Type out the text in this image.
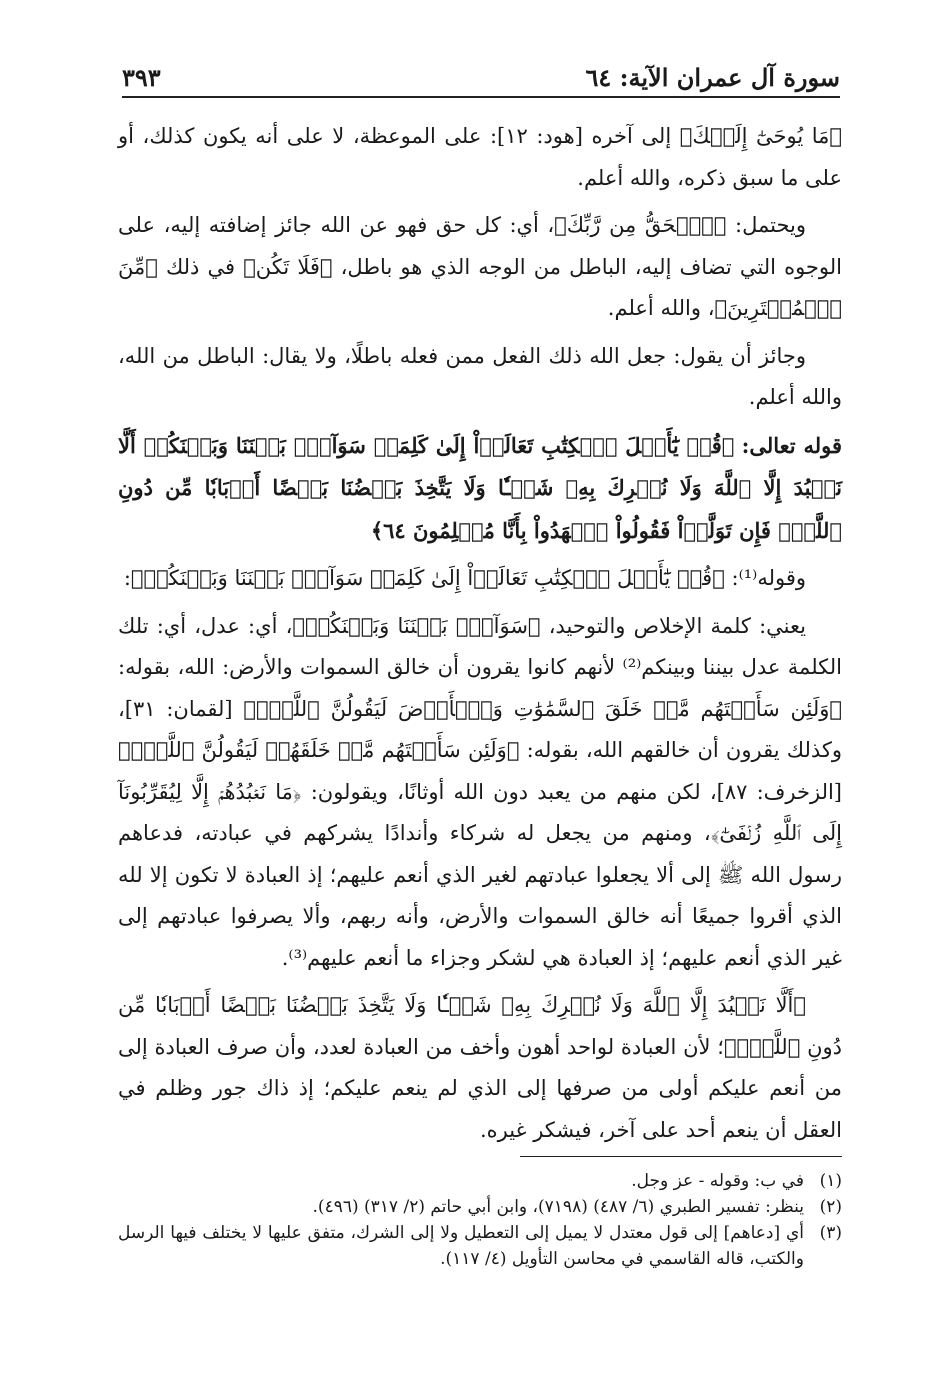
سورة آل عمران الآية: ٦٤
٣٩٣

﴿مَا يُوحَىٰٓ إِلَيۡكَ﴾ إلى آخره [هود: ١٢]: على الموعظة، لا على أنه يكون كذلك، أو على ما سبق ذكره، والله أعلم.

ويحتمل: ﴿ٱلۡحَقُّ مِن رَّبِّكَ﴾، أي: كل حق فهو عن الله جائز إضافته إليه، على الوجوه التي تضاف إليه، الباطل من الوجه الذي هو باطل، ﴿فَلَا تَكُن﴾ في ذلك ﴿مِّنَ ٱلۡمُمۡتَرِينَ﴾، والله أعلم.

وجائز أن يقول: جعل الله ذلك الفعل ممن فعله باطلًا، ولا يقال: الباطل من الله، والله أعلم.

قوله تعالى: ﴿قُلۡ يَٰٓأَهۡلَ ٱلۡكِتَٰبِ تَعَالَوۡاْ إِلَىٰ كَلِمَةٖ سَوَآءِۭ بَيۡنَنَا وَبَيۡنَكُمۡ أَلَّا نَعۡبُدَ إِلَّا ٱللَّهَ وَلَا نُشۡرِكَ بِهِۦ شَيۡـٔٗا وَلَا يَتَّخِذَ بَعۡضُنَا بَعۡضًا أَرۡبَابٗا مِّن دُونِ ٱللَّهِۚ فَإِن تَوَلَّوۡاْ فَقُولُواْ ٱشۡهَدُواْ بِأَنَّا مُسۡلِمُونَ ٦٤﴾

وقوله⁽¹⁾: ﴿قُلۡ يَٰٓأَهۡلَ ٱلۡكِتَٰبِ تَعَالَوۡاْ إِلَىٰ كَلِمَةٖ سَوَآءِۭ بَيۡنَنَا وَبَيۡنَكُمۡ﴾:

يعني: كلمة الإخلاص والتوحيد، ﴿سَوَآءِۭ بَيۡنَنَا وَبَيۡنَكُمۡ﴾، أي: عدل، أي: تلك الكلمة عدل بيننا وبينكم⁽²⁾ لأنهم كانوا يقرون أن خالق السموات والأرض: الله، بقوله: ﴿وَلَئِن سَأَلۡتَهُم مَّنۡ خَلَقَ ٱلسَّمَٰوَٰتِ وَٱلۡأَرۡضَ لَيَقُولُنَّ ٱللَّهُۚ﴾ [لقمان: ٣١]، وكذلك يقرون أن خالقهم الله، بقوله: ﴿وَلَئِن سَأَلۡتَهُم مَّنۡ خَلَقَهُمۡ لَيَقُولُنَّ ٱللَّهُۖ﴾ [الزخرف: ٨٧]، لكن منهم من يعبد دون الله أوثانًا، ويقولون: ﴿مَا نَعۡبُدُهُمۡ إِلَّا لِيُقَرِّبُونَآ إِلَى ٱللَّهِ زُلۡفَىٰٓ﴾، ومنهم من يجعل له شركاء وأندادًا يشركهم في عبادته، فدعاهم رسول الله ﷺ إلى ألا يجعلوا عبادتهم لغير الذي أنعم عليهم؛ إذ العبادة لا تكون إلا لله الذي أقروا جميعًا أنه خالق السموات والأرض، وأنه ربهم، وألا يصرفوا عبادتهم إلى غير الذي أنعم عليهم؛ إذ العبادة هي لشكر وجزاء ما أنعم عليهم⁽³⁾.

﴿أَلَّا نَعۡبُدَ إِلَّا ٱللَّهَ وَلَا نُشۡرِكَ بِهِۦ شَيۡـٔٗا وَلَا يَتَّخِذَ بَعۡضُنَا بَعۡضًا أَرۡبَابٗا مِّن دُونِ ٱللَّهِۚ﴾؛ لأن العبادة لواحد أهون وأخف من العبادة لعدد، وأن صرف العبادة إلى من أنعم عليكم أولى من صرفها إلى الذي لم ينعم عليكم؛ إذ ذاك جور وظلم في العقل أن ينعم أحد على آخر، فيشكر غيره.

(١)
في ب: وقوله - عز وجل.

(٢)
ينظر: تفسير الطبري (٦/ ٤٨٧) (٧١٩٨)، وابن أبي حاتم (٢/ ٣١٧) (٤٩٦).

(٣)
أي [دعاهم] إلى قول معتدل لا يميل إلى التعطيل ولا إلى الشرك، متفق عليها لا يختلف فيها الرسل والكتب، قاله القاسمي في محاسن التأويل (٤/ ١١٧).
